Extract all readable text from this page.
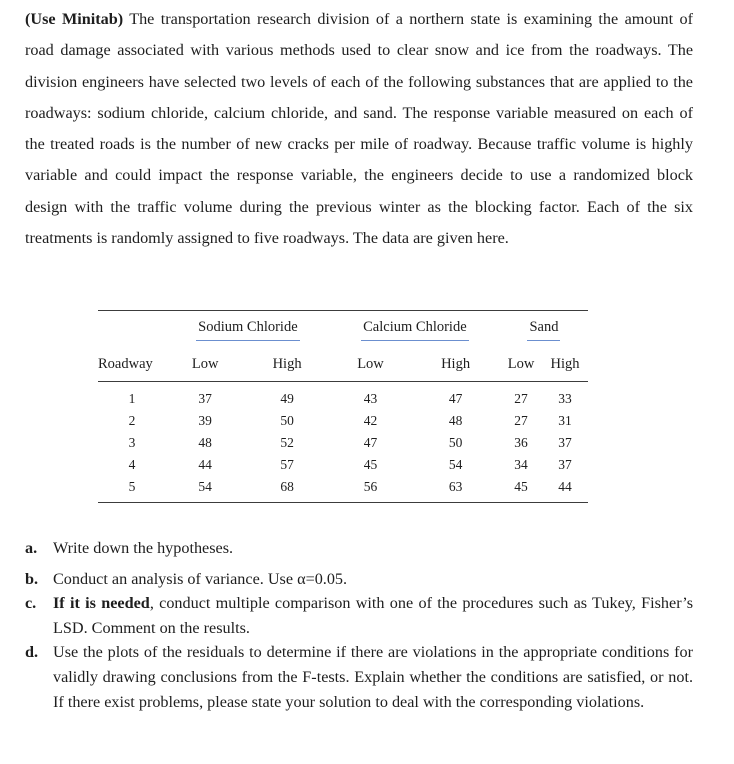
(Use Minitab) The transportation research division of a northern state is examining the amount of road damage associated with various methods used to clear snow and ice from the roadways. The division engineers have selected two levels of each of the following substances that are applied to the roadways: sodium chloride, calcium chloride, and sand. The response variable measured on each of the treated roads is the number of new cracks per mile of roadway. Because traffic volume is highly variable and could impact the response variable, the engineers decide to use a randomized block design with the traffic volume during the previous winter as the blocking factor. Each of the six treatments is randomly assigned to five roadways. The data are given here.

	Sodium Chloride		Calcium Chloride		Sand	
Roadway	Low	High	Low	High	Low	High
1	37	49	43	47	27	33
2	39	50	42	48	27	31
3	48	52	47	50	36	37
4	44	57	45	54	34	37
5	54	68	56	63	45	44
a. Write down the hypotheses.
b. Conduct an analysis of variance. Use α=0.05.
c.	If it is needed, conduct multiple comparison with one of the procedures such as Tukey, Fisher’s LSD. Comment on the results.
d. Use the plots of the residuals to determine if there are violations in the appropriate conditions for validly drawing conclusions from the F-tests. Explain whether the conditions are satisfied, or not. If there exist problems, please state your solution to deal with the corresponding violations.
